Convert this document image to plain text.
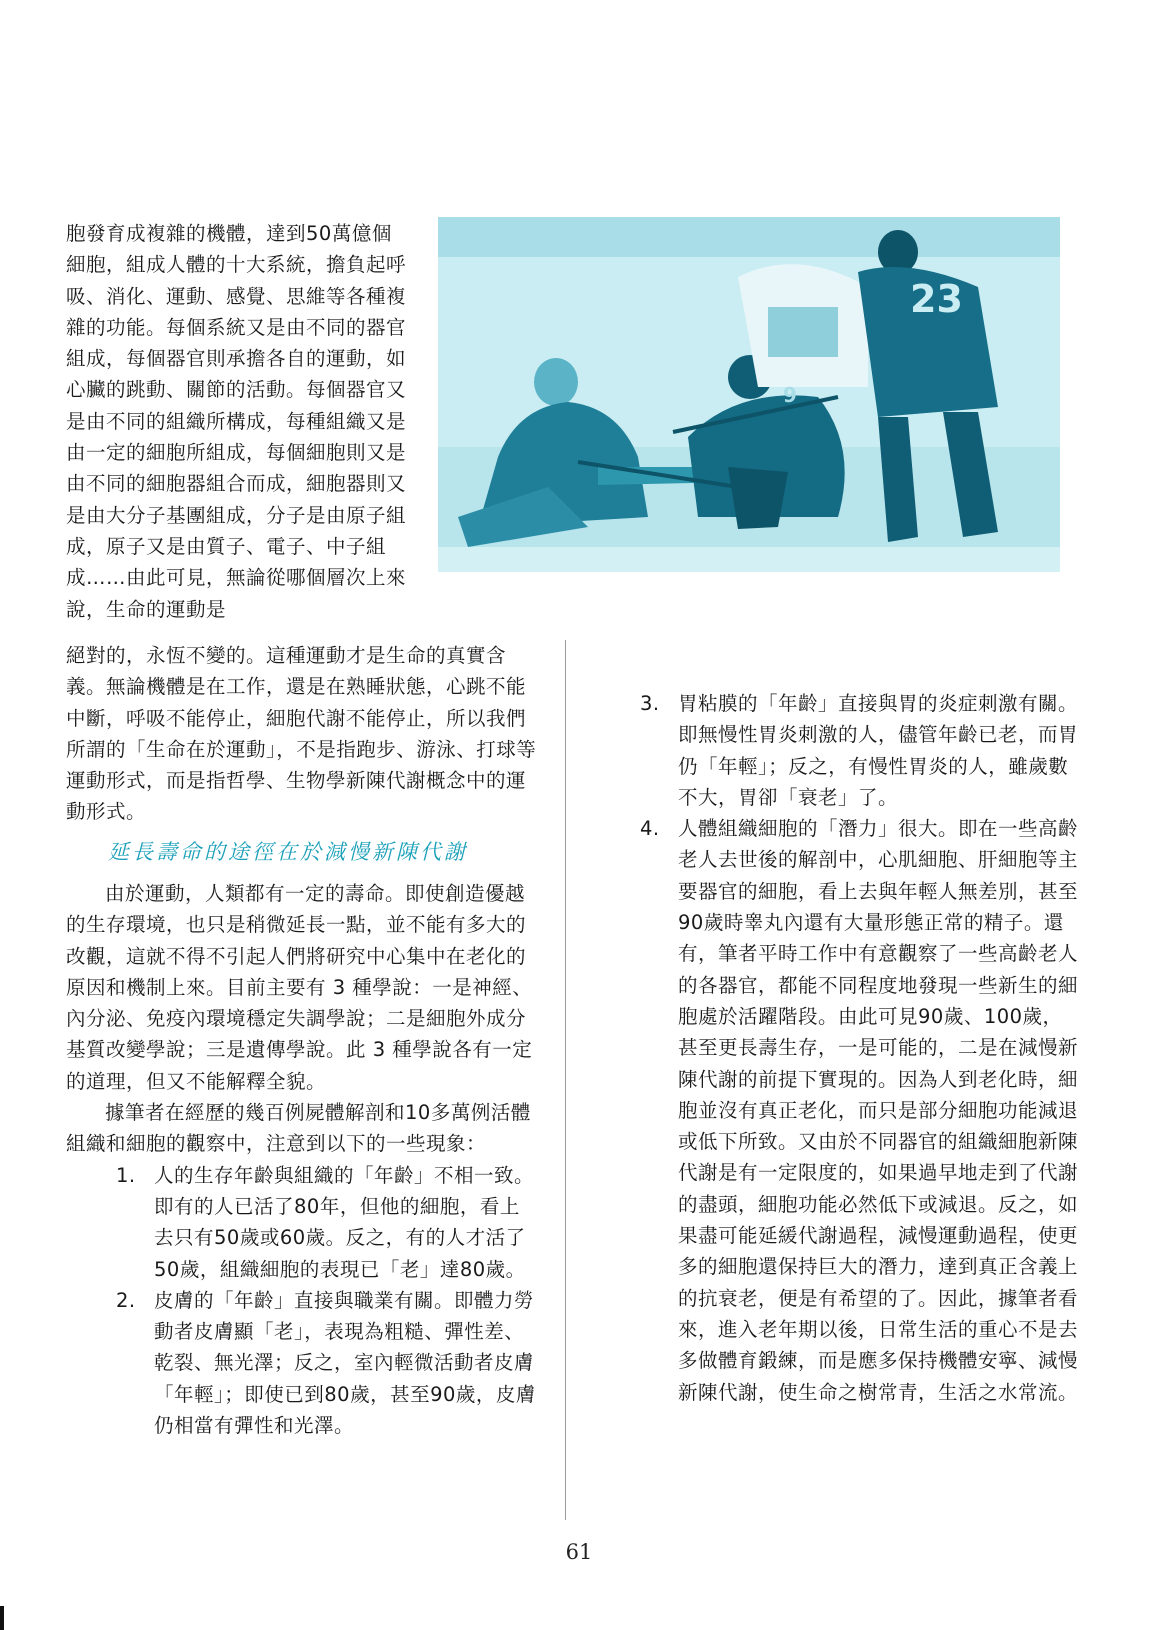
23
9

胞發育成複雜的機體，達到50萬億個細胞，組成人體的十大系統，擔負起呼吸、消化、運動、感覺、思維等各種複雜的功能。每個系統又是由不同的器官組成，每個器官則承擔各自的運動，如心臟的跳動、關節的活動。每個器官又是由不同的組織所構成，每種組織又是由一定的細胞所組成，每個細胞則又是由不同的細胞器組合而成，細胞器則又是由大分子基團組成，分子是由原子組成，原子又是由質子、電子、中子組成……由此可見，無論從哪個層次上來說，生命的運動是

絕對的，永恆不變的。這種運動才是生命的真實含義。無論機體是在工作，還是在熟睡狀態，心跳不能中斷，呼吸不能停止，細胞代謝不能停止，所以我們所謂的「生命在於運動」，不是指跑步、游泳、打球等運動形式，而是指哲學、生物學新陳代謝概念中的運動形式。

延長壽命的途徑在於減慢新陳代謝

由於運動，人類都有一定的壽命。即使創造優越的生存環境，也只是稍微延長一點，並不能有多大的改觀，這就不得不引起人們將研究中心集中在老化的原因和機制上來。目前主要有 3 種學說：一是神經、內分泌、免疫內環境穩定失調學說；二是細胞外成分基質改變學說；三是遺傳學說。此 3 種學說各有一定的道理，但又不能解釋全貌。

據筆者在經歷的幾百例屍體解剖和10多萬例活體組織和細胞的觀察中，注意到以下的一些現象：

1. 人的生存年齡與組織的「年齡」不相一致。即有的人已活了80年，但他的細胞，看上去只有50歲或60歲。反之，有的人才活了50歲，組織細胞的表現已「老」達80歲。
2. 皮膚的「年齡」直接與職業有關。即體力勞動者皮膚顯「老」，表現為粗糙、彈性差、乾裂、無光澤；反之，室內輕微活動者皮膚「年輕」；即使已到80歲，甚至90歲，皮膚仍相當有彈性和光澤。
3. 胃粘膜的「年齡」直接與胃的炎症刺激有關。即無慢性胃炎刺激的人，儘管年齡已老，而胃仍「年輕」；反之，有慢性胃炎的人，雖歲數不大，胃卻「衰老」了。
4. 人體組織細胞的「潛力」很大。即在一些高齡老人去世後的解剖中，心肌細胞、肝細胞等主要器官的細胞，看上去與年輕人無差別，甚至90歲時睾丸內還有大量形態正常的精子。還有，筆者平時工作中有意觀察了一些高齡老人的各器官，都能不同程度地發現一些新生的細胞處於活躍階段。由此可見90歲、100歲，甚至更長壽生存，一是可能的，二是在減慢新陳代謝的前提下實現的。因為人到老化時，細胞並沒有真正老化，而只是部分細胞功能減退或低下所致。又由於不同器官的組織細胞新陳代謝是有一定限度的，如果過早地走到了代謝的盡頭，細胞功能必然低下或減退。反之，如果盡可能延緩代謝過程，減慢運動過程，使更多的細胞還保持巨大的潛力，達到真正含義上的抗衰老，便是有希望的了。因此，據筆者看來，進入老年期以後，日常生活的重心不是去多做體育鍛練，而是應多保持機體安寧、減慢新陳代謝，使生命之樹常青，生活之水常流。
61
